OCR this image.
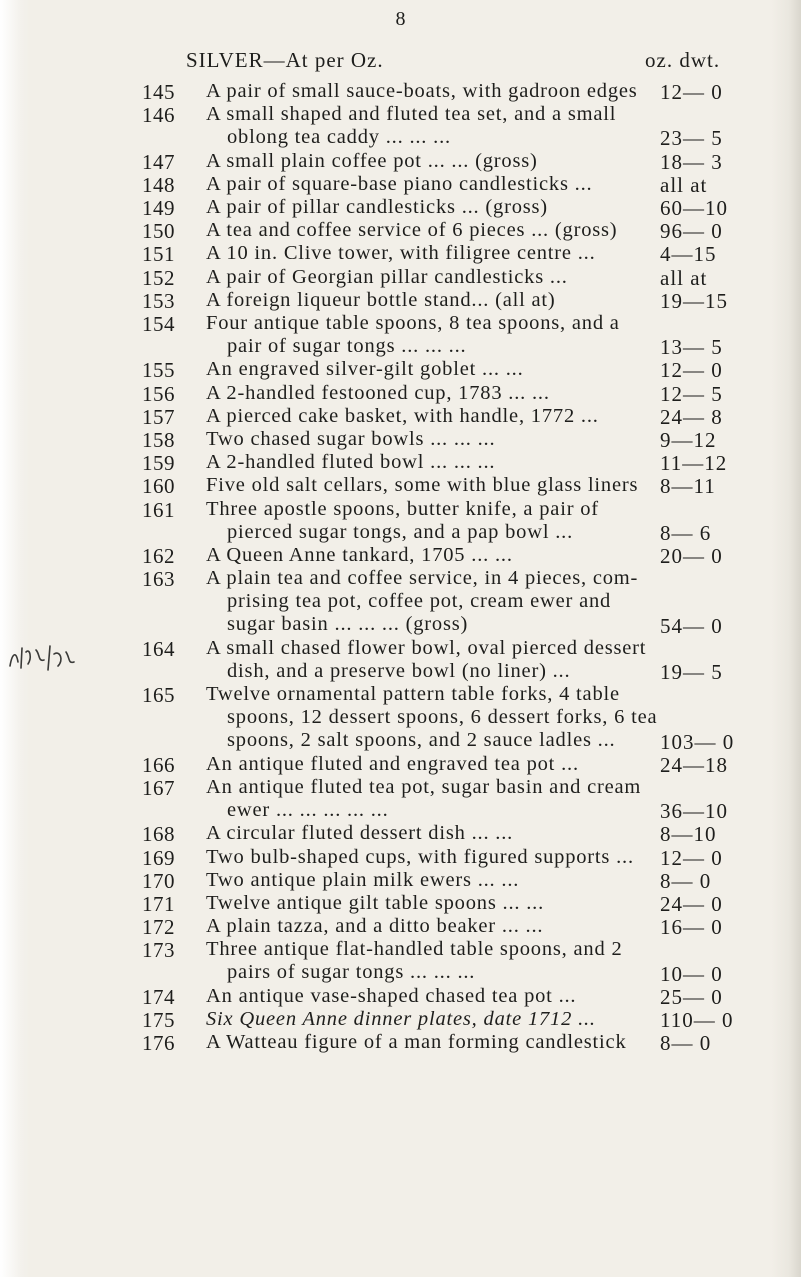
8
SILVER—At per Oz.	oz. dwt.
145	A pair of small sauce-boats, with gadroon edges	12— 0
146	A small shaped and fluted tea set, and a small
oblong tea caddy ... ... ...	23— 5
147	A small plain coffee pot ... ... (gross)	18— 3
148	A pair of square-base piano candlesticks ...	all at
149	A pair of pillar candlesticks ... (gross)	60—10
150	A tea and coffee service of 6 pieces ... (gross)	96— 0
151	A 10 in. Clive tower, with filigree centre ...	4—15
152	A pair of Georgian pillar candlesticks ...	all at
153	A foreign liqueur bottle stand... (all at)	19—15
154	Four antique table spoons, 8 tea spoons, and a
pair of sugar tongs ... ... ...	13— 5
155	An engraved silver-gilt goblet ... ...	12— 0
156	A 2-handled festooned cup, 1783 ... ...	12— 5
157	A pierced cake basket, with handle, 1772 ...	24— 8
158	Two chased sugar bowls ... ... ...	9—12
159	A 2-handled fluted bowl ... ... ...	11—12
160	Five old salt cellars, some with blue glass liners	8—11
161	Three apostle spoons, butter knife, a pair of
pierced sugar tongs, and a pap bowl ...	8— 6
162	A Queen Anne tankard, 1705 ... ...	20— 0
163	A plain tea and coffee service, in 4 pieces, com-
prising tea pot, coffee pot, cream ewer and
sugar basin ... ... ... (gross)	54— 0
164	A small chased flower bowl, oval pierced dessert
dish, and a preserve bowl (no liner) ...	19— 5
165	Twelve ornamental pattern table forks, 4 table
spoons, 12 dessert spoons, 6 dessert forks, 6 tea
spoons, 2 salt spoons, and 2 sauce ladles ...	103— 0
166	An antique fluted and engraved tea pot ...	24—18
167	An antique fluted tea pot, sugar basin and cream
ewer ... ... ... ... ...	36—10
168	A circular fluted dessert dish ... ...	8—10
169	Two bulb-shaped cups, with figured supports ...	12— 0
170	Two antique plain milk ewers ... ...	8— 0
171	Twelve antique gilt table spoons ... ...	24— 0
172	A plain tazza, and a ditto beaker ... ...	16— 0
173	Three antique flat-handled table spoons, and 2
pairs of sugar tongs ... ... ...	10— 0
174	An antique vase-shaped chased tea pot ...	25— 0
175	Six Queen Anne dinner plates, date 1712 ...	110— 0
176	A Watteau figure of a man forming candlestick	8— 0
